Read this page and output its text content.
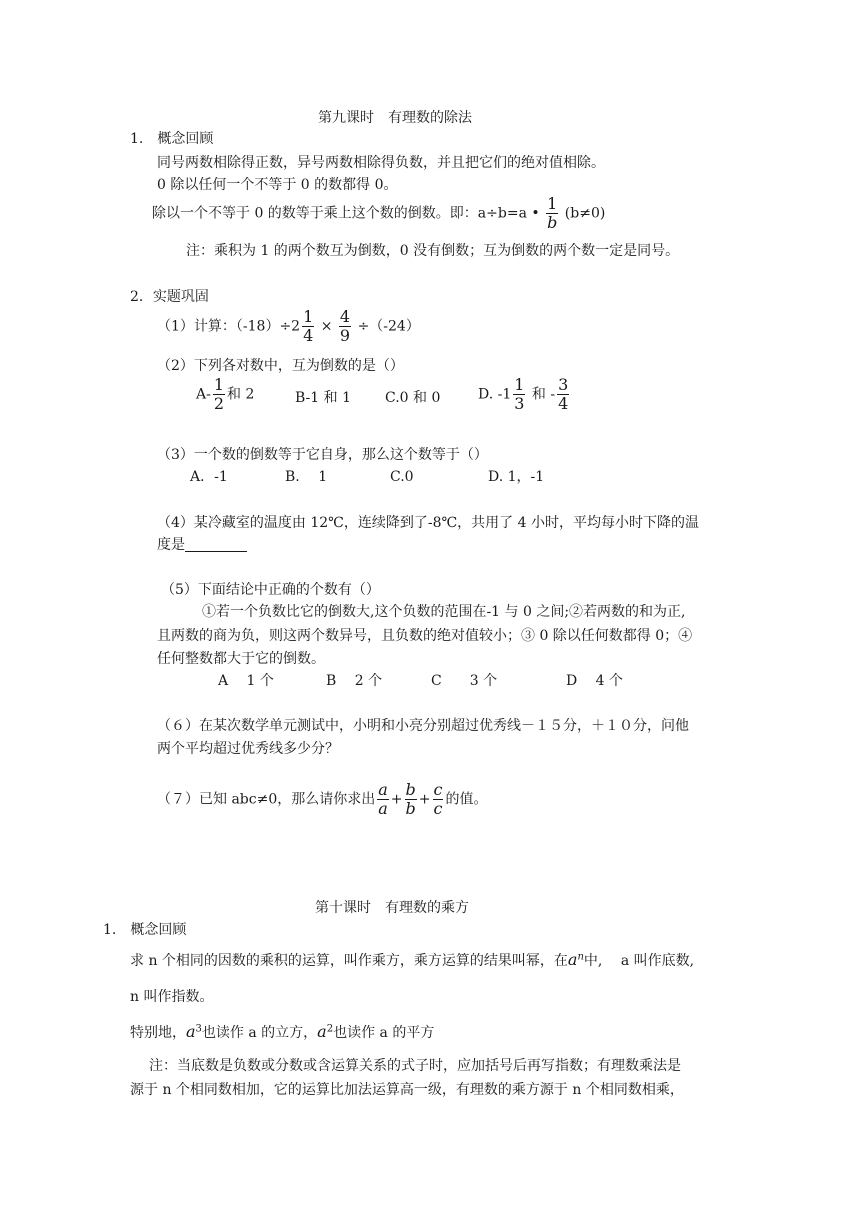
第九课时　有理数的除法
1.　概念回顾
同号两数相除得正数，异号两数相除得负数，并且把它们的绝对值相除。
0 除以任何一个不等于 0 的数都得 0。
除以一个不等于 0 的数等于乘上这个数的倒数。即：a÷b=a • $\frac{1}{b} (b\ne 0)$
注：乘积为 1 的两个数互为倒数，0 没有倒数；互为倒数的两个数一定是同号。
2．实题巩固
（1）计算：$(-18)\div 2 \frac{1}{4} \times \frac{4}{9} \div(-24)$
（2）下列各对数中，互为倒数的是（）
$A- \frac{1}{2}$ 和 2	B-1 和 1 C.0 和 0	D. $-1 \frac{1}{3}$ 和 - $\frac{3}{4}$
（3）一个数的倒数等于它自身，那么这个数等于（）
A．-1	B.　 1	C.0	D. 1，-1
（4）某冷藏室的温度由 12℃，连续降到了-8℃，共用了 4 小时，平均每小时下降的温
度是
（5）下面结论中正确的个数有（）
①若一个负数比它的倒数大,这个负数的范围在-1 与 0 之间;②若两数的和为正,
且两数的商为负，则这两个数异号，且负数的绝对值较小；③ 0 除以任何数都得 0；④
任何整数都大于它的倒数。
A　 1 个	B　 2 个	C　　3 个	D　 4 个
（６）在某次数学单元测试中，小明和小亮分别超过优秀线－１５分，＋１０分，问他
两个平均超过优秀线多少分？
（７）已知 abc≠0，那么请你求出 $\frac{a}{a} + \frac{b}{b} + \frac{c}{c}$ 的值。
第十课时　有理数的乘方
1.　概念回顾
求 n 个相同的因数的乘积的运算，叫作乘方，乘方运算的结果叫幂，在$a^n$中,　 a 叫作底数,
n 叫作指数。
特别地，$a^3$也读作 a 的立方，$a^2$也读作 a 的平方
注：当底数是负数或分数或含运算关系的式子时，应加括号后再写指数；有理数乘法是
源于 n 个相同数相加，它的运算比加法运算高一级，有理数的乘方源于 n 个相同数相乘，
